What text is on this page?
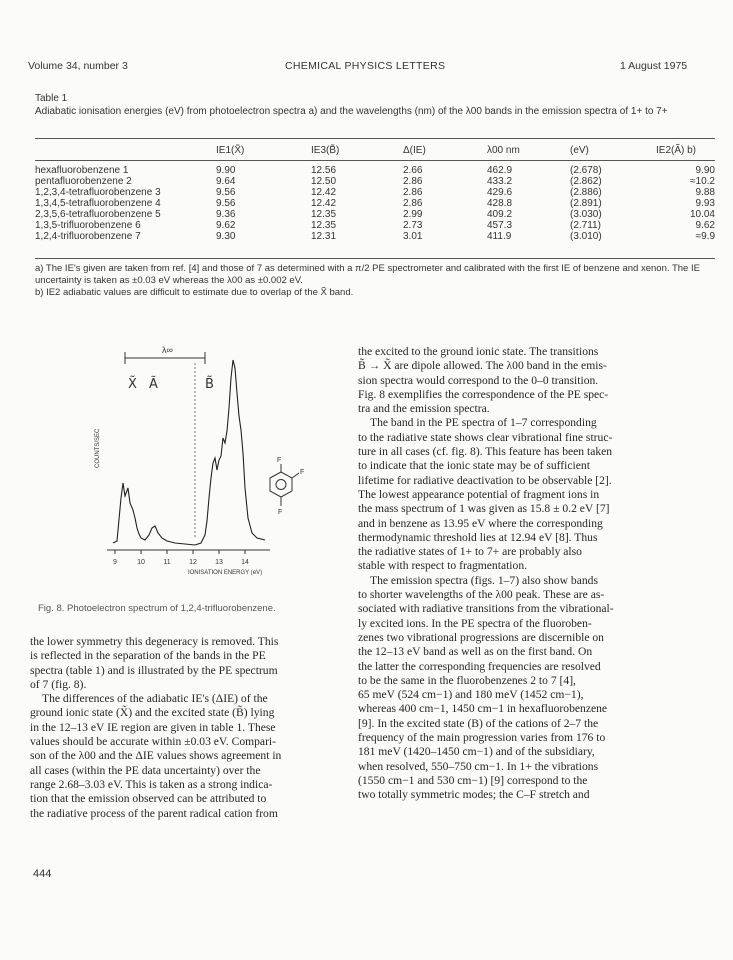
Volume 34, number 3	CHEMICAL PHYSICS LETTERS	1 August 1975
Table 1
Adiabatic ionisation energies (eV) from photoelectron spectra a) and the wavelengths (nm) of the λ00 bands in the emission spectra of 1+ to 7+
	IE1(X̃)	IE3(B̃)	Δ(IE)	λ00 nm	(eV)	IE2(Ã) b)

hexafluorobenzene 1	9.90	12.56	2.66	462.9	(2.678)	9.90
pentafluorobenzene 2	9.64	12.50	2.86	433.2	(2.862)	≈10.2
1,2,3,4-tetrafluorobenzene 3	9.56	12.42	2.86	429.6	(2.886)	9.88
1,3,4,5-tetrafluorobenzene 4	9.56	12.42	2.86	428.8	(2.891)	9.93
2,3,5,6-tetrafluorobenzene 5	9.36	12.35	2.99	409.2	(3.030)	10.04
1,3,5-trifluorobenzene 6	9.62	12.35	2.73	457.3	(2.711)	9.62
1,2,4-trifluorobenzene 7	9.30	12.31	3.01	411.9	(3.010)	≈9.9
a) The IE's given are taken from ref. [4] and those of 7 as determined with a π/2 PE spectrometer and calibrated with the first IE of benzene and xenon. The IE uncertainty is taken as ±0.03 eV whereas the λ00 as ±0.002 eV.
b) IE2 adiabatic values are difficult to estimate due to overlap of the X̃ band.
λ∞
X̃ Ã	B̃
COUNTS/SEC	F
F
F
9	10	11	12	13	14
IONISATION ENERGY (eV)
Fig. 8. Photoelectron spectrum of 1,2,4-trifluorobenzene.

the lower symmetry this degeneracy is removed. This

is reflected in the separation of the bands in the PE

spectra (table 1) and is illustrated by the PE spectrum

of 7 (fig. 8).

The differences of the adiabatic IE's (ΔIE) of the

ground ionic state (X̃) and the excited state (B̃) lying

in the 12–13 eV IE region are given in table 1. These

values should be accurate within ±0.03 eV. Compari-

son of the λ00 and the ΔIE values shows agreement in

all cases (within the PE data uncertainty) over the

range 2.68–3.03 eV. This is taken as a strong indica-

tion that the emission observed can be attributed to

the radiative process of the parent radical cation from

the excited to the ground ionic state. The transitions

B̃ → X̃ are dipole allowed. The λ00 band in the emis-

sion spectra would correspond to the 0–0 transition.

Fig. 8 exemplifies the correspondence of the PE spec-

tra and the emission spectra.

The band in the PE spectra of 1–7 corresponding

to the radiative state shows clear vibrational fine struc-

ture in all cases (cf. fig. 8). This feature has been taken

to indicate that the ionic state may be of sufficient

lifetime for radiative deactivation to be observable [2].

The lowest appearance potential of fragment ions in

the mass spectrum of 1 was given as 15.8 ± 0.2 eV [7]

and in benzene as 13.95 eV where the corresponding

thermodynamic threshold lies at 12.94 eV [8]. Thus

the radiative states of 1+ to 7+ are probably also

stable with respect to fragmentation.

The emission spectra (figs. 1–7) also show bands

to shorter wavelengths of the λ00 peak. These are as-

sociated with radiative transitions from the vibrational-

ly excited ions. In the PE spectra of the fluoroben-

zenes two vibrational progressions are discernible on

the 12–13 eV band as well as on the first band. On

the latter the corresponding frequencies are resolved

to be the same in the fluorobenzenes 2 to 7 [4],

65 meV (524 cm−1) and 180 meV (1452 cm−1),

whereas 400 cm−1, 1450 cm−1 in hexafluorobenzene

[9]. In the excited state (B) of the cations of 2–7 the

frequency of the main progression varies from 176 to

181 meV (1420–1450 cm−1) and of the subsidiary,

when resolved, 550–750 cm−1. In 1+ the vibrations

(1550 cm−1 and 530 cm−1) [9] correspond to the

two totally symmetric modes; the C–F stretch and

444
